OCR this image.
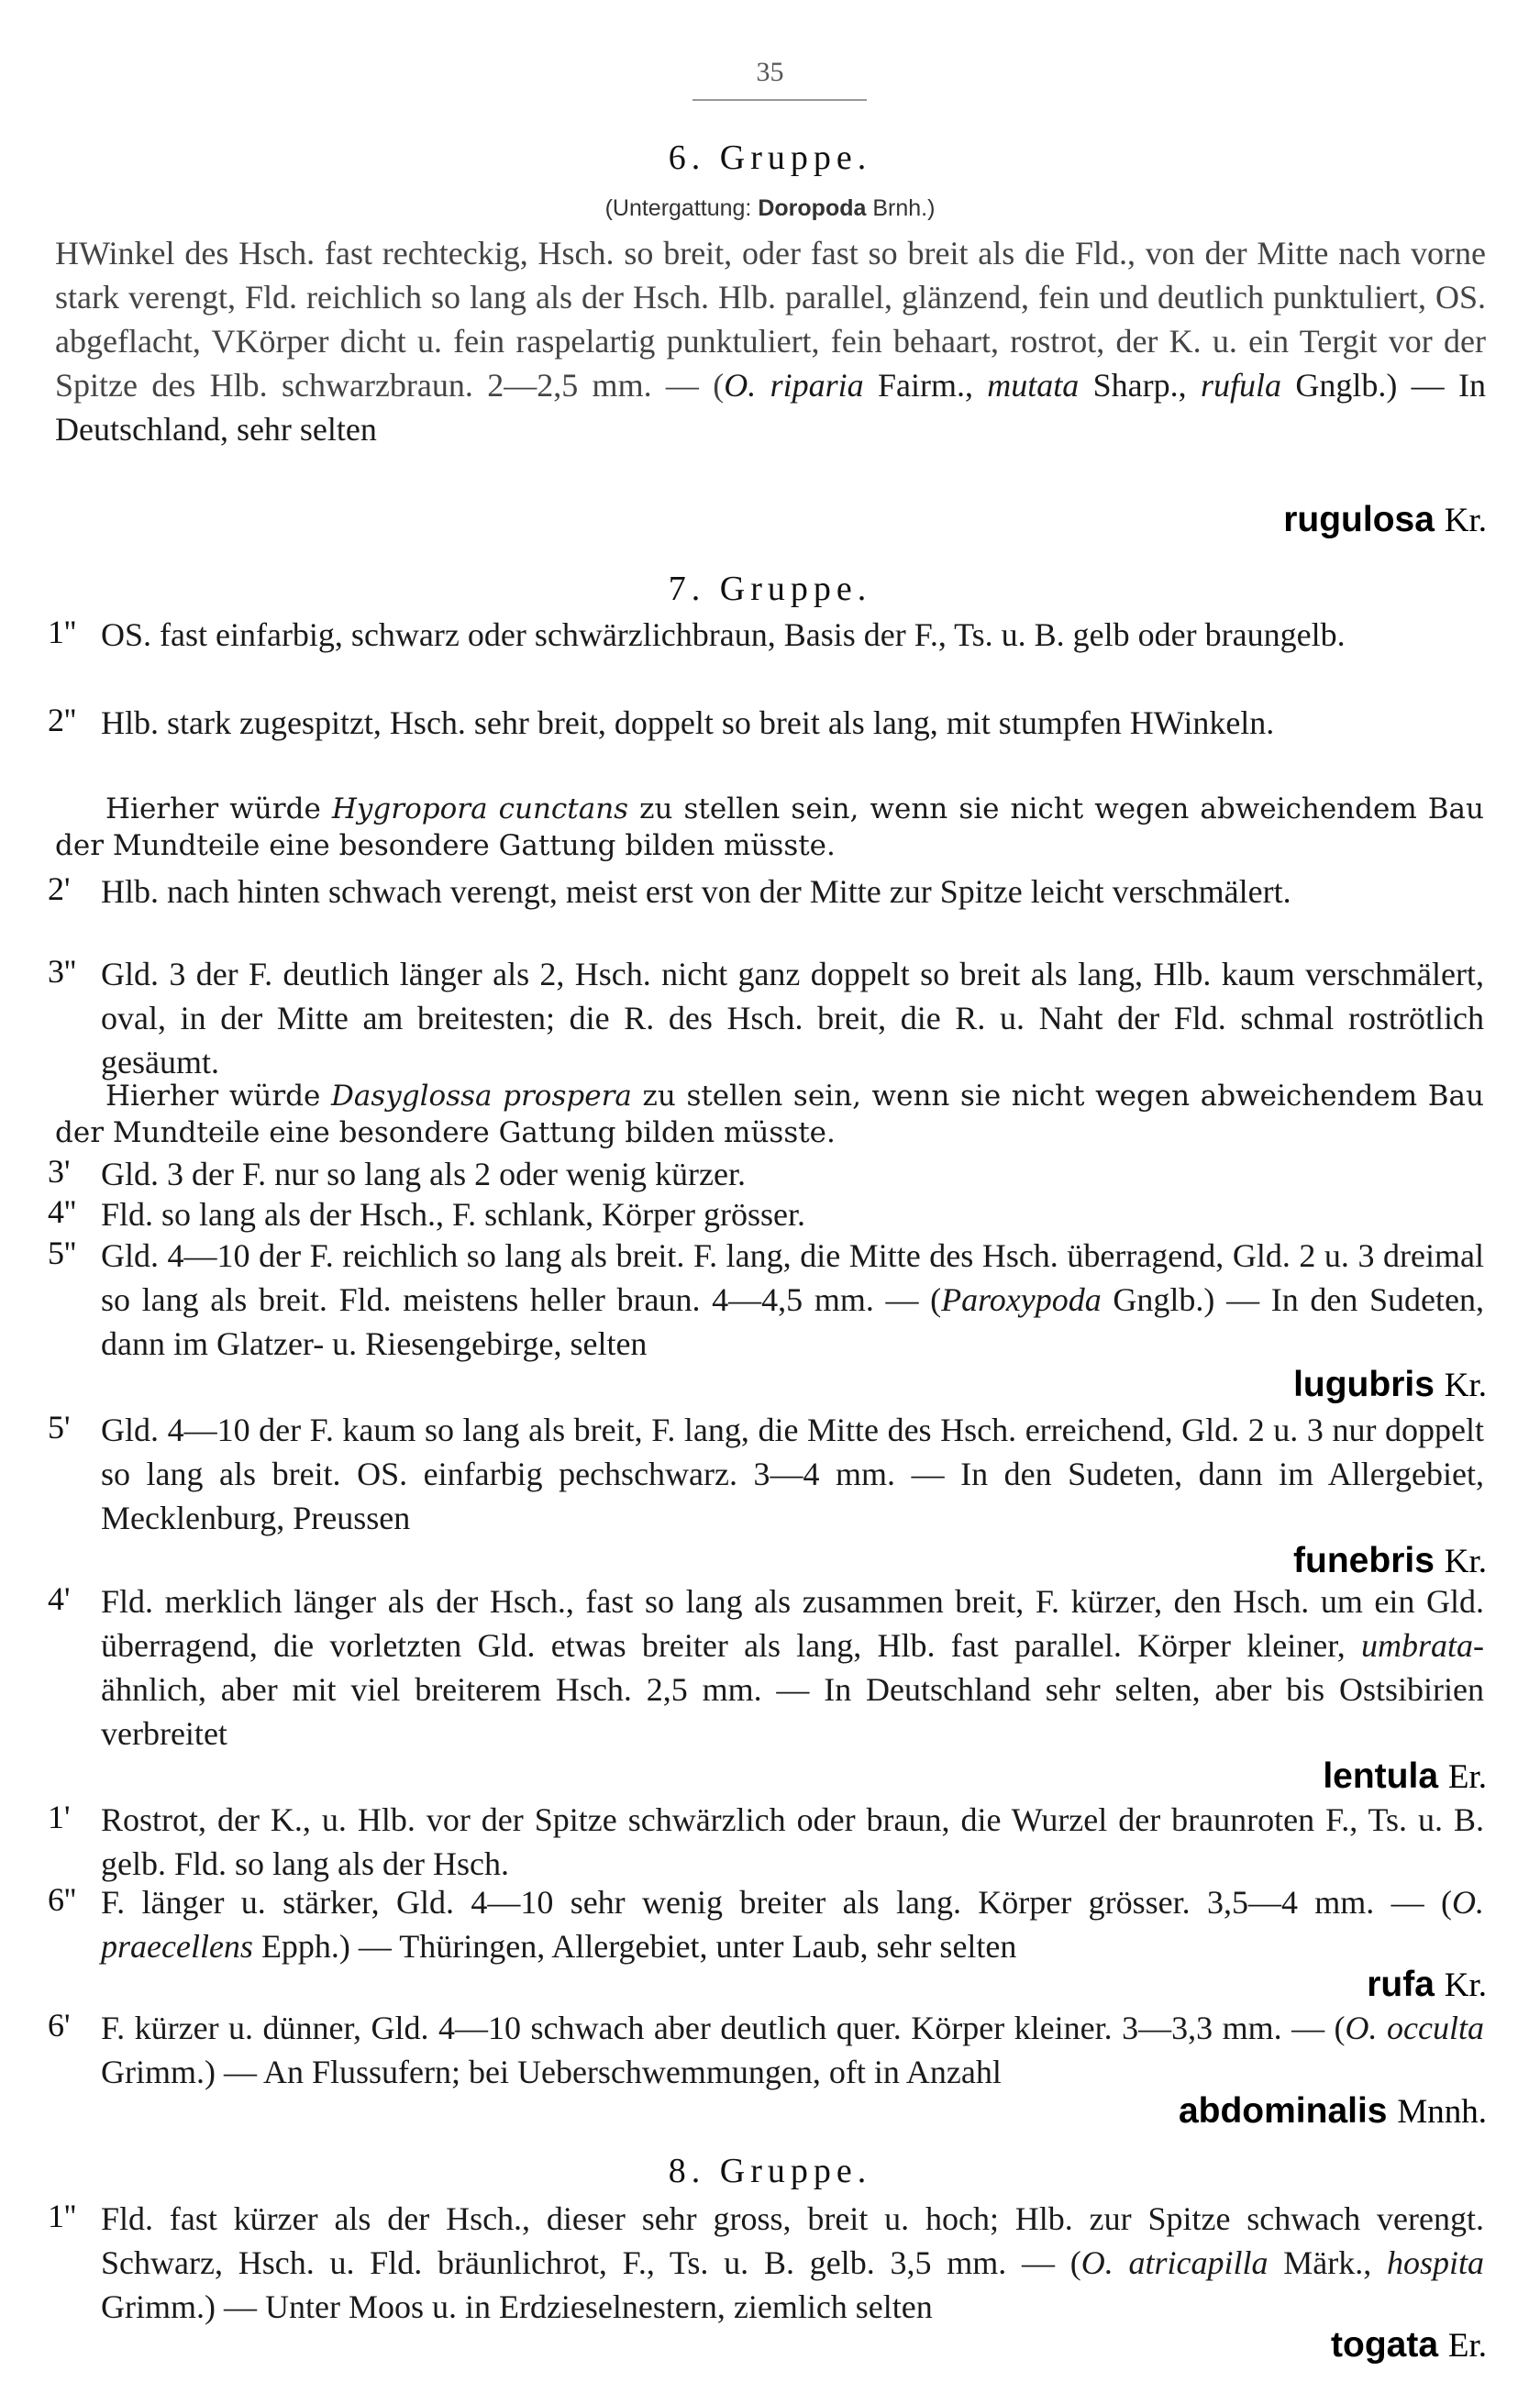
35
6. Gruppe.
(Untergattung: Doropoda Brnh.)
HWinkel des Hsch. fast rechteckig, Hsch. so breit, oder fast so breit als die Fld., von der Mitte nach vorne stark verengt, Fld. reichlich so lang als der Hsch. Hlb. parallel, glänzend, fein und deutlich punktuliert, OS. abgeflacht, VKörper dicht u. fein raspelartig punktuliert, fein behaart, rostrot, der K. u. ein Tergit vor der Spitze des Hlb. schwarzbraun. 2—2,5 mm. — (O. riparia Fairm., mutata Sharp., rufula Gnglb.) — In Deutschland, sehr selten
rugulosa Kr.
7. Gruppe.
1'' OS. fast einfarbig, schwarz oder schwärzlichbraun, Basis der F., Ts. u. B. gelb oder braungelb.
2'' Hlb. stark zugespitzt, Hsch. sehr breit, doppelt so breit als lang, mit stumpfen HWinkeln.
Hierher würde Hygropora cunctans zu stellen sein, wenn sie nicht wegen abweichendem Bau der Mundteile eine besondere Gattung bilden müsste.
2' Hlb. nach hinten schwach verengt, meist erst von der Mitte zur Spitze leicht verschmälert.
3'' Gld. 3 der F. deutlich länger als 2, Hsch. nicht ganz doppelt so breit als lang, Hlb. kaum verschmälert, oval, in der Mitte am breitesten; die R. des Hsch. breit, die R. u. Naht der Fld. schmal roströtlich gesäumt.
Hierher würde Dasyglossa prospera zu stellen sein, wenn sie nicht wegen abweichendem Bau der Mundteile eine besondere Gattung bilden müsste.
3' Gld. 3 der F. nur so lang als 2 oder wenig kürzer.
4'' Fld. so lang als der Hsch., F. schlank, Körper grösser.
5'' Gld. 4—10 der F. reichlich so lang als breit. F. lang, die Mitte des Hsch. überragend, Gld. 2 u. 3 dreimal so lang als breit. Fld. meistens heller braun. 4—4,5 mm. — (Paroxypoda Gnglb.) — In den Sudeten, dann im Glatzer- u. Riesengebirge, selten
lugubris Kr.
5' Gld. 4—10 der F. kaum so lang als breit, F. lang, die Mitte des Hsch. erreichend, Gld. 2 u. 3 nur doppelt so lang als breit. OS. einfarbig pechschwarz. 3—4 mm. — In den Sudeten, dann im Allergebiet, Mecklenburg, Preussen
funebris Kr.
4' Fld. merklich länger als der Hsch., fast so lang als zusammen breit, F. kürzer, den Hsch. um ein Gld. überragend, die vorletzten Gld. etwas breiter als lang, Hlb. fast parallel. Körper kleiner, umbrata-ähnlich, aber mit viel breiterem Hsch. 2,5 mm. — In Deutschland sehr selten, aber bis Ostsibirien verbreitet
lentula Er.
1' Rostrot, der K., u. Hlb. vor der Spitze schwärzlich oder braun, die Wurzel der braunroten F., Ts. u. B. gelb. Fld. so lang als der Hsch.
6'' F. länger u. stärker, Gld. 4—10 sehr wenig breiter als lang. Körper grösser. 3,5—4 mm. — (O. praecellens Epph.) — Thüringen, Allergebiet, unter Laub, sehr selten
rufa Kr.
6' F. kürzer u. dünner, Gld. 4—10 schwach aber deutlich quer. Körper kleiner. 3—3,3 mm. — (O. occulta Grimm.) — An Flussufern; bei Ueberschwemmungen, oft in Anzahl
abdominalis Mnnh.
8. Gruppe.
1'' Fld. fast kürzer als der Hsch., dieser sehr gross, breit u. hoch; Hlb. zur Spitze schwach verengt. Schwarz, Hsch. u. Fld. bräunlichrot, F., Ts. u. B. gelb. 3,5 mm. — (O. atricapilla Märk., hospita Grimm.) — Unter Moos u. in Erdzieselnestern, ziemlich selten
togata Er.
